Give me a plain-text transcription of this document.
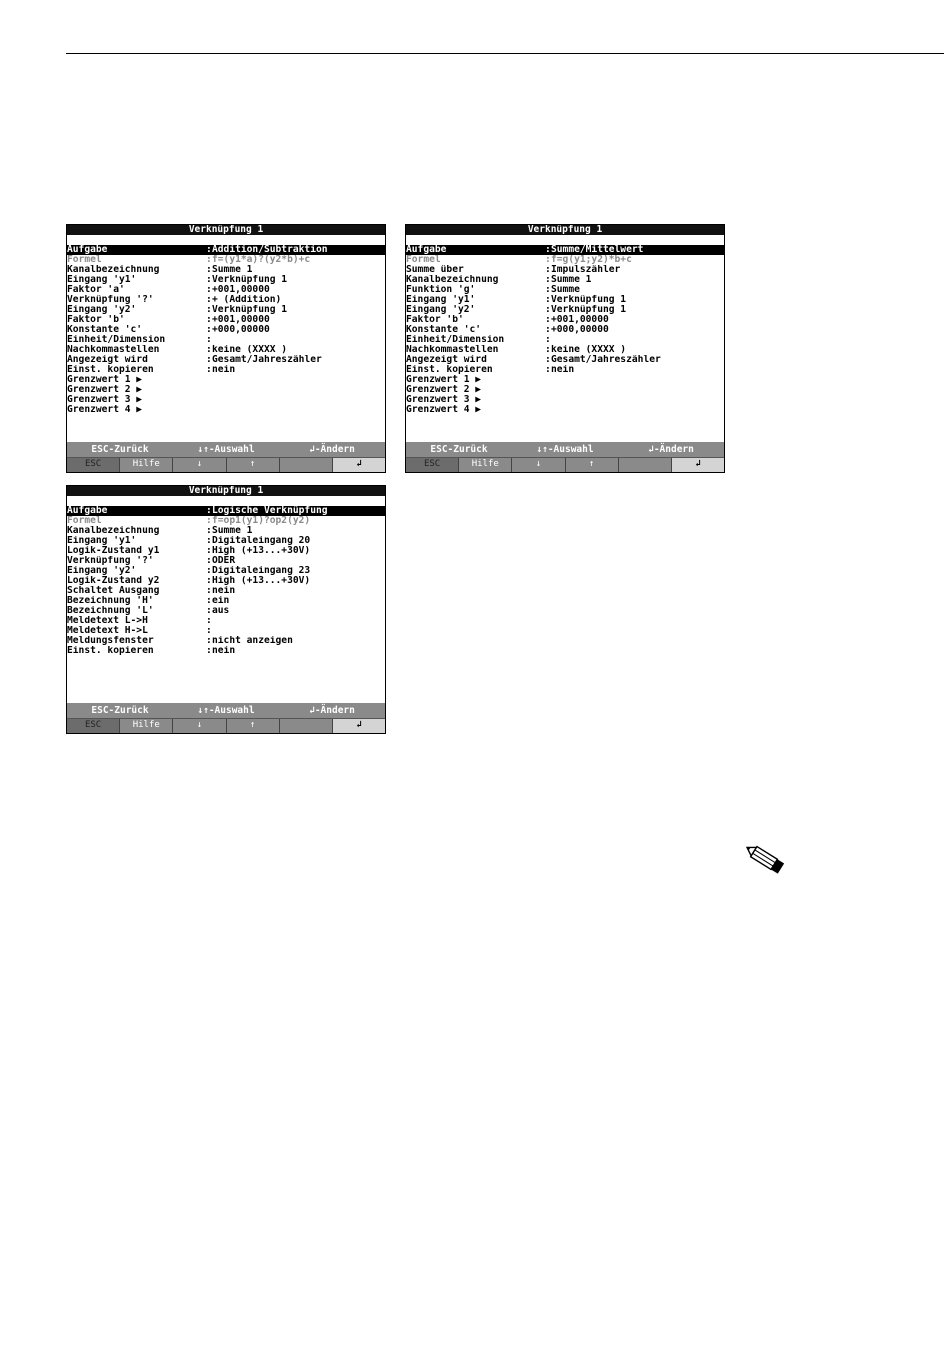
Verknüpfung 1
Aufgabe	: Addition/Subtraktion
Formel	: f=(y1*a)?(y2*b)+c
Kanalbezeichnung	: Summe 1
Eingang 'y1'	: Verknüpfung 1
Faktor 'a'	: +001,00000
Verknüpfung '?'	: + (Addition)
Eingang 'y2'	: Verknüpfung 1
Faktor 'b'	: +001,00000
Konstante 'c'	: +000,00000
Einheit/Dimension	:
Nachkommastellen	: keine (XXXX )
Angezeigt wird	: Gesamt/Jahreszähler
Einst. kopieren	: nein
Grenzwert 1 ▶
Grenzwert 2 ▶
Grenzwert 3 ▶
Grenzwert 4 ▶
ESC-Zurück	↓↑-Auswahl	↲-Ändern
ESC	Hilfe	↓	↑	↲
Verknüpfung 1
Aufgabe	: Summe/Mittelwert
Formel	: f=g(y1;y2)*b+c
Summe über	: Impulszähler
Kanalbezeichnung	: Summe 1
Funktion 'g'	: Summe
Eingang 'y1'	: Verknüpfung 1
Eingang 'y2'	: Verknüpfung 1
Faktor 'b'	: +001,00000
Konstante 'c'	: +000,00000
Einheit/Dimension	:
Nachkommastellen	: keine (XXXX )
Angezeigt wird	: Gesamt/Jahreszähler
Einst. kopieren	: nein
Grenzwert 1 ▶
Grenzwert 2 ▶
Grenzwert 3 ▶
Grenzwert 4 ▶
ESC-Zurück	↓↑-Auswahl	↲-Ändern
ESC	Hilfe	↓	↑	↲
Verknüpfung 1
Aufgabe	: Logische Verknüpfung
Formel	: f=op1(y1)?op2(y2)
Kanalbezeichnung	: Summe 1
Eingang 'y1'	: Digitaleingang 20
Logik-Zustand y1	: High (+13...+30V)
Verknüpfung '?'	: ODER
Eingang 'y2'	: Digitaleingang 23
Logik-Zustand y2	: High (+13...+30V)
Schaltet Ausgang	: nein
Bezeichnung 'H'	: ein
Bezeichnung 'L'	: aus
Meldetext L->H	:
Meldetext H->L	:
Meldungsfenster	: nicht anzeigen
Einst. kopieren	: nein
ESC-Zurück	↓↑-Auswahl	↲-Ändern
ESC	Hilfe	↓	↑	↲
